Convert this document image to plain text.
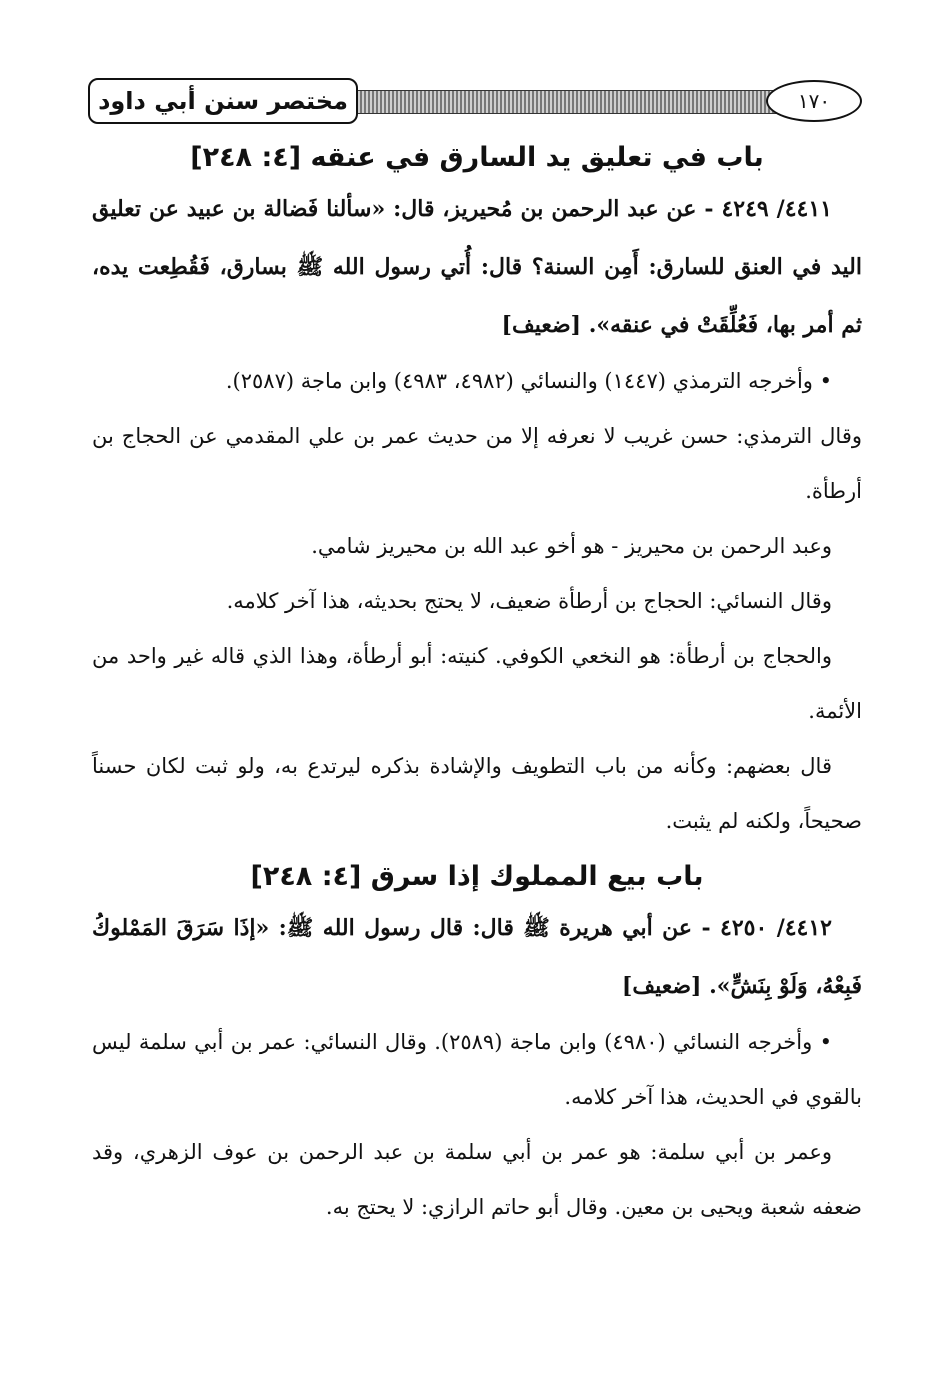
مختصر سنن أبي داود	١٧٠

باب في تعليق يد السارق في عنقه [٤: ٢٤٨]

٤٤١١/ ٤٢٤٩ - عن عبد الرحمن بن مُحيريز، قال: «سألنا فَضالة بن عبيد عن تعليق اليد في العنق للسارق: أَمِن السنة؟ قال: أُتي رسول الله ﷺ بسارق، فَقُطِعت يده، ثم أمر بها، فَعُلِّقَتْ في عنقه». [ضعيف]

• وأخرجه الترمذي (١٤٤٧) والنسائي (٤٩٨٢، ٤٩٨٣) وابن ماجة (٢٥٨٧).

وقال الترمذي: حسن غريب لا نعرفه إلا من حديث عمر بن علي المقدمي عن الحجاج بن أرطأة.

وعبد الرحمن بن محيريز - هو أخو عبد الله بن محيريز شامي.

وقال النسائي: الحجاج بن أرطأة ضعيف، لا يحتج بحديثه، هذا آخر كلامه.

والحجاج بن أرطأة: هو النخعي الكوفي. كنيته: أبو أرطأة، وهذا الذي قاله غير واحد من الأئمة.

قال بعضهم: وكأنه من باب التطويف والإشادة بذكره ليرتدع به، ولو ثبت لكان حسناً صحيحاً، ولكنه لم يثبت.

باب بيع المملوك إذا سرق [٤: ٢٤٨]

٤٤١٢/ ٤٢٥٠ - عن أبي هريرة ﷺ قال: قال رسول الله ﷺ: «إذَا سَرَقَ المَمْلوكُ فَبِعْهُ، وَلَوْ بِنَشٍّ». [ضعيف]

• وأخرجه النسائي (٤٩٨٠) وابن ماجة (٢٥٨٩). وقال النسائي: عمر بن أبي سلمة ليس بالقوي في الحديث، هذا آخر كلامه.

وعمر بن أبي سلمة: هو عمر بن أبي سلمة بن عبد الرحمن بن عوف الزهري، وقد ضعفه شعبة ويحيى بن معين. وقال أبو حاتم الرازي: لا يحتج به.
